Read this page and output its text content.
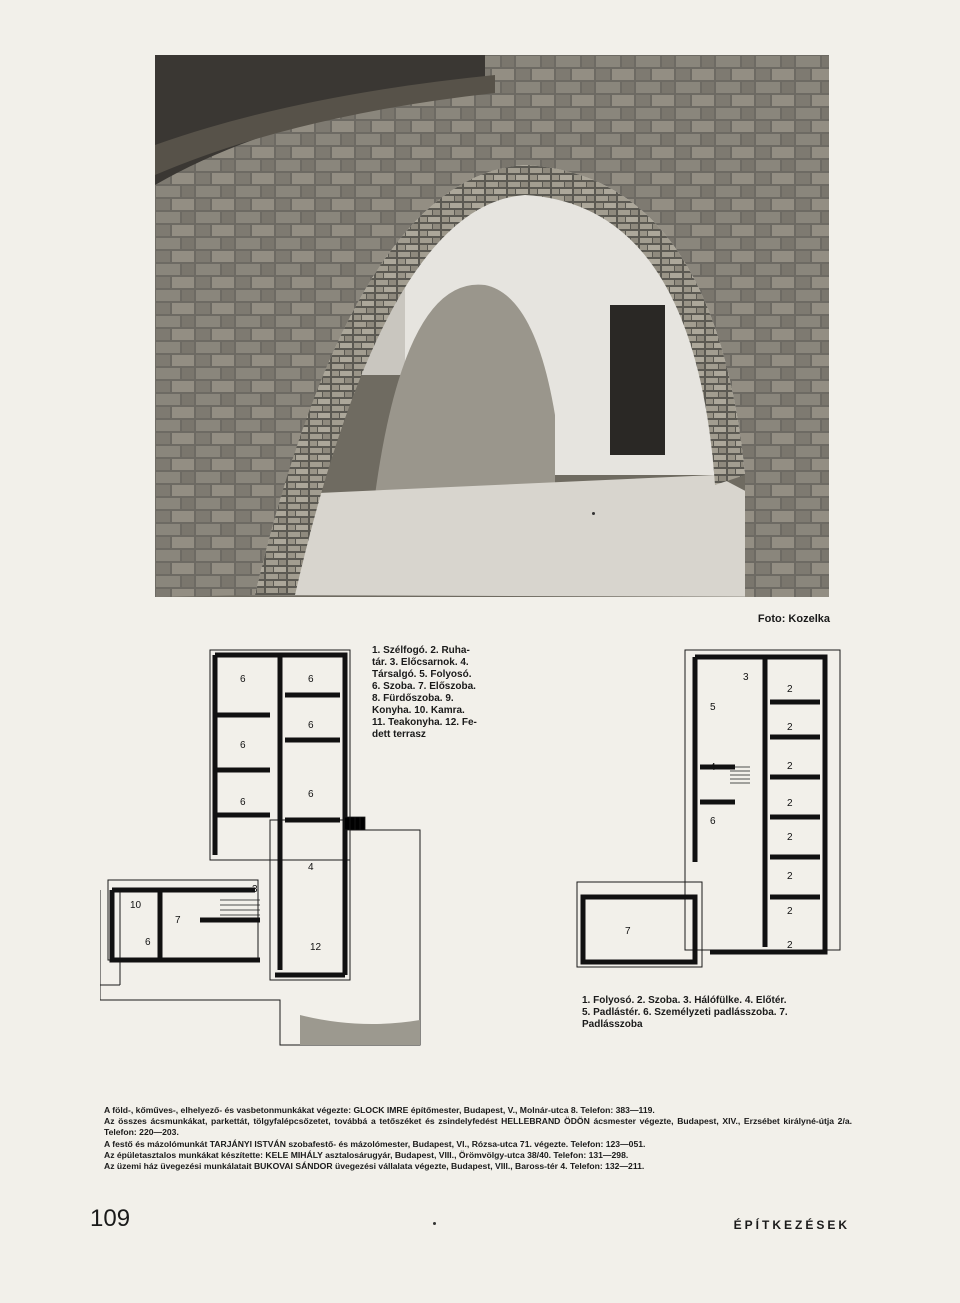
Foto: Kozelka
6	6
6
6
6
6
4
3
6	12
10
7
1. Szélfogó. 2. Ruha-
tár. 3. Előcsarnok. 4.
Társalgó. 5. Folyosó.
6. Szoba. 7. Előszoba.
8. Fürdőszoba. 9.
Konyha. 10. Kamra.
11. Teakonyha. 12. Fe-
dett terrasz
3
2
5
2
2
4
2
6
2
2
2
2
7
1. Folyosó. 2. Szoba. 3. Hálófülke. 4. Előtér.
5. Padlástér. 6. Személyzeti padlásszoba. 7.
Padlásszoba
A föld-, kőműves-, elhelyező- és vasbetonmunkákat végezte: GLOCK IMRE építőmester, Budapest, V., Molnár-utca 8. Telefon: 383—119.
Az összes ácsmunkákat, parkettát, tölgyfalépcsőzetet, továbbá a tetőszéket és zsindelyfedést HELLEBRAND ÖDÖN ácsmester végezte, Budapest, XIV., Erzsébet királyné-útja 2/a. Telefon: 220—203.
A festő és mázolómunkát TARJÁNYI ISTVÁN szobafestő- és mázolómester, Budapest, VI., Rózsa-utca 71. végezte. Telefon: 123—051.
Az épületasztalos munkákat készítette: KELE MIHÁLY asztalosárugyár, Budapest, VIII., Örömvölgy-utca 38/40. Telefon: 131—298.
Az üzemi ház üvegezési munkálatait BUKOVAI SÁNDOR üvegezési vállalata végezte, Budapest, VIII., Baross-tér 4. Telefon: 132—211.
109	ÉPÍTKEZÉSEK
